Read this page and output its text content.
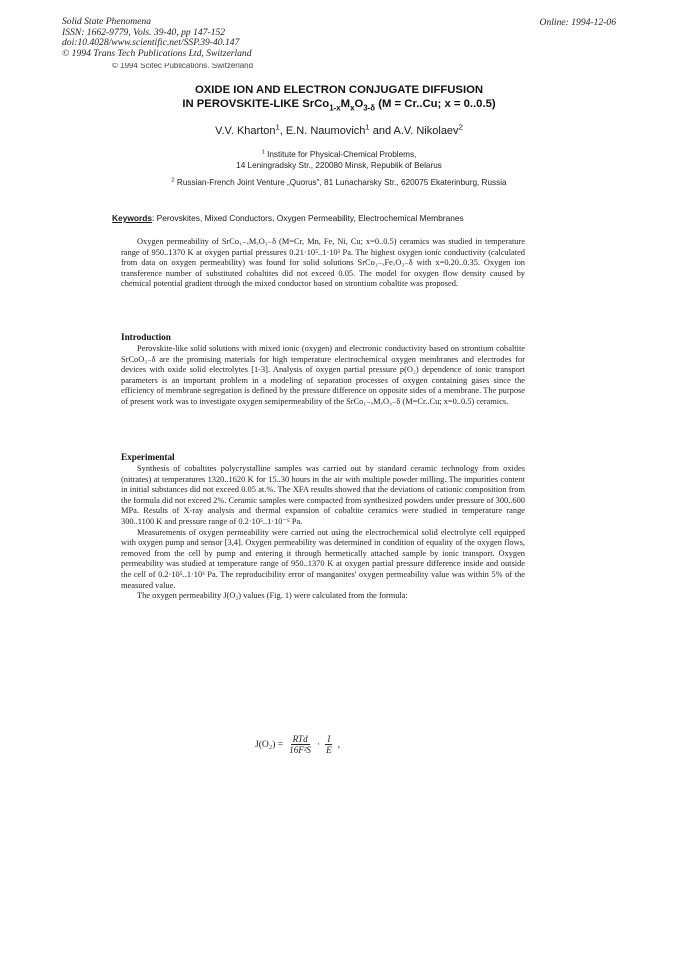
Solid State Phenomena
ISSN: 1662-9779, Vols. 39-40, pp 147-152
doi:10.4028/www.scientific.net/SSP.39-40.147
© 1994 Trans Tech Publications Ltd, Switzerland
Online: 1994-12-06
© 1994 Scitec Publications, Switzerland
OXIDE ION AND ELECTRON CONJUGATE DIFFUSION
IN PEROVSKITE-LIKE $SrCo_{1-x}M_xO_{3-\delta}$ (M = Cr..Cu; x = 0..0.5)
V.V. Kharton$^1$, E.N. Naumovich$^1$ and A.V. Nikolaev$^2$
$^1$ Institute for Physical-Chemical Problems,
14 Leningradsky Str., 220080 Minsk, Republik of Belarus
$^2$ Russian-French Joint Venture „Quorus", 81 Lunacharsky Str., 620075 Ekaterinburg, Russia
Keywords: Perovskites, Mixed Conductors, Oxygen Permeability, Electrochemical Membranes

Oxygen permeability of SrCo₁₋ₓMₓO₃₋δ (M=Cr, Mn, Fe, Ni, Cu; x=0..0.5) ceramics was studied in temperature range of 950..1370 K at oxygen partial pressures 0.21·10⁵..1·10³ Pa. The highest oxygen ionic conductivity (calculated from data on oxygen permeability) was found for solid solutions SrCo₁₋ₓFeₓO₃₋δ with x=0.20..0.35. Oxygen ion transference number of substituted cobaltites did not exceed 0.05. The model for oxygen flow density caused by chemical potential gradient through the mixed conductor based on strontium cobaltite was proposed.

Introduction

Perovskite-like solid solutions with mixed ionic (oxygen) and electronic conductivity based on strontium cobaltite SrCoO₃₋δ are the promising materials for high temperature electrochemical oxygen membranes and electrodes for devices with oxide solid electrolytes [1-3]. Analysis of oxygen partial pressure p(O₂) dependence of ionic transport parameters is an important problem in a modeling of separation processes of oxygen containing gases since the efficiency of membrane segregation is defined by the pressure difference on opposite sides of a membrane. The purpose of present work was to investigate oxygen semipermeability of the SrCo₁₋ₓMₓO₃₋δ (M=Cr..Cu; x=0..0.5) ceramics.

Experimental

Synthesis of cobaltites polycrystalline samples was carried out by standard ceramic technology from oxides (nitrates) at temperatures 1320..1620 K for 15..30 hours in the air with multiple powder milling. The impurities content in initial substances did not exceed 0.05 at.%. The XFA results showed that the deviations of cationic composition from the formula did not exceed 2%. Ceramic samples were compacted from synthesized powders under pressure of 300..600 MPa. Results of X-ray analysis and thermal expansion of cobaltite ceramics were studied in temperature range 300..1100 K and pressure range of 0.2·10⁵..1·10⁻⁵ Pa.

Measurements of oxygen permeability were carried out using the electrochemical solid electrolyte cell equipped with oxygen pump and sensor [3,4]. Oxygen permeability was determined in condition of equality of the oxygen flows, removed from the cell by pump and entering it through hermetically attached sample by ionic transport. Oxygen permeability was studied at temperature range of 950..1370 K at oxygen partial pressure difference inside and outside the cell of 0.2·10⁵..1·10³ Pa. The reproducibility error of manganites' oxygen permeability value was within 5% of the measured value.

The oxygen permeability J(O₂) values (Fig. 1) were calculated from the formula:

$J(O_2) = \frac{\text{RTd}}{\text{16F²S}} \cdot \frac{I}{E}$ ,
